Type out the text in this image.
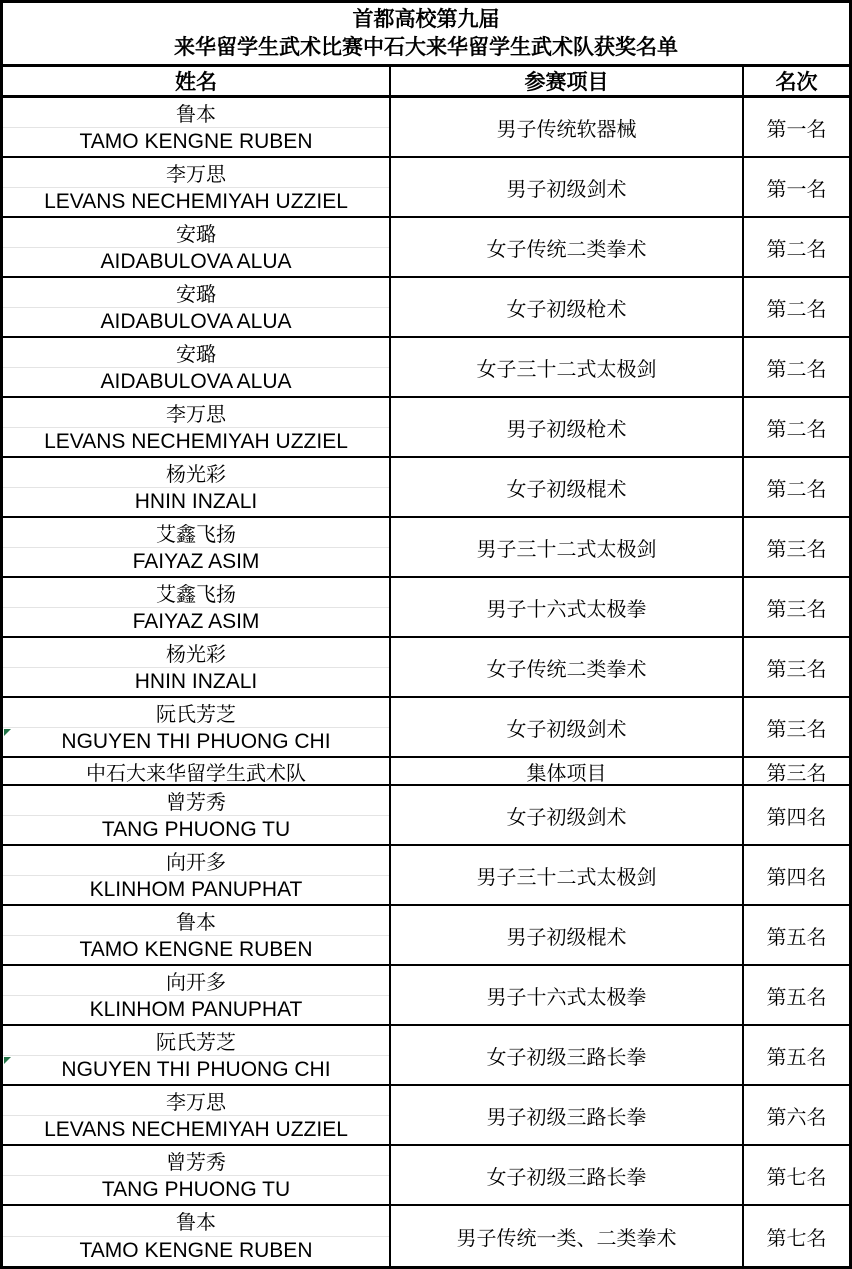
首都高校第九届
来华留学生武术比赛中石大来华留学生武术队获奖名单
姓名	参赛项目	名次
鲁本
TAMO KENGNE RUBEN
男子传统软器械	第一名
李万思
LEVANS NECHEMIYAH UZZIEL
男子初级剑术	第一名
安璐
AIDABULOVA ALUA
女子传统二类拳术	第二名
安璐
AIDABULOVA ALUA
女子初级枪术	第二名
安璐
AIDABULOVA ALUA
女子三十二式太极剑	第二名
李万思
LEVANS NECHEMIYAH UZZIEL
男子初级枪术	第二名
杨光彩
HNIN INZALI
女子初级棍术	第二名
艾鑫飞扬
FAIYAZ ASIM
男子三十二式太极剑	第三名
艾鑫飞扬
FAIYAZ ASIM
男子十六式太极拳	第三名
杨光彩
HNIN INZALI
女子传统二类拳术	第三名
阮氏芳芝
NGUYEN THI PHUONG CHI
女子初级剑术	第三名
中石大来华留学生武术队	集体项目	第三名
曾芳秀
TANG PHUONG TU
女子初级剑术	第四名
向开多
KLINHOM PANUPHAT
男子三十二式太极剑	第四名
鲁本
TAMO KENGNE RUBEN
男子初级棍术	第五名
向开多
KLINHOM PANUPHAT
男子十六式太极拳	第五名
阮氏芳芝
NGUYEN THI PHUONG CHI
女子初级三路长拳	第五名
李万思
LEVANS NECHEMIYAH UZZIEL
男子初级三路长拳	第六名
曾芳秀
TANG PHUONG TU
女子初级三路长拳	第七名
鲁本
TAMO KENGNE RUBEN
男子传统一类、二类拳术	第七名
